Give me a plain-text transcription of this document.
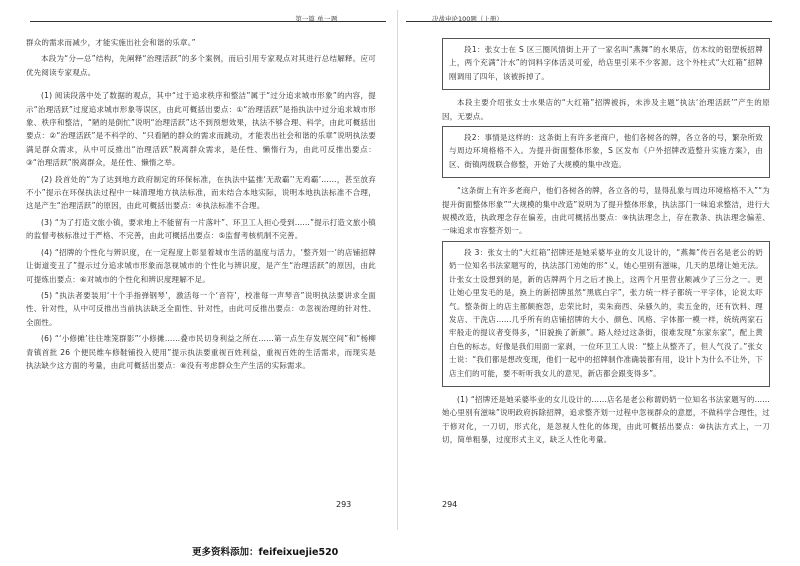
第一篇 单一题

群众的需求而减少，才能实施出社会和谐的乐章。”

本段为“分—总”结构，先阐释“治理活跃”的多个案例，而后引用专家观点对其进行总结解释。应可优先阅读专家观点。

(1) 阅读段落中处了数据的观点，其中“过于追求秩序和整洁”属于“过分追求城市形象”的内容，提示“治理活跃”过度追求城市形象等误区，由此可概括出要点：①“治理活跃”是指执法中过分追求城市形象、秩序和整洁，“陋的是倒忙”说明“治理活跃”达不到预想效果，执法不够合理、科学，由此可概括出要点：②“治理活跃”是不科学的、“只看陋的群众的需求而跳动，才能表出社会和谐的乐章”说明执法要满足群众需求，从中可反推出“治理活跃”脱离群众需求，是任性、懒惰行为，由此可反推出要点：③“治理活跃”脱离群众，是任性、懒惰之举。

(2) 段首处的“为了达到地方政府制定的环保标准，在执法中猛推‘无敌霸’‘无鸡霸’……，甚至放弃不小”提示在环保执法过程中一味清理地方执法标准，而未结合本地实际，说明本地执法标准不合理，这是产生“治理活跃”的原因，由此可概括出要点：④执法标准不合理。

(3) “为了打造文旅小镇，要求地上不能留有一片落叶”、环卫工人担心受到……”提示打造文旅小镇的监督考核标准过于严格、不完善，由此可概括出要点：⑤监督考核机制不完善。

(4) “招牌的个性化与辨识度，在一定程度上彰显着城市生活的温度与活力，‘整齐划一’的店铺招牌让街道变丑了”提示过分追求城市形象而忽视城市的个性化与辨识度，是产生“治理活跃”的原因，由此可提炼出要点：⑥对城市的个性化和辨识度理解不足。

(5) “执法者要装用‘十个手指弹钢琴’，激活每一个‘音符’，校准每一声琴音”说明执法要讲求全面性、针对性，从中可反推出当前执法缺乏全面性、针对性，由此可反推出要点：⑦忽视治理的针对性、全面性。

(6) “‘小修摊’往往堆笼群影”‘小修摊……叠市民切身利益之所在……第一点生存发展空间”和“杨柳青镇首批 26 个便民维车修鞋铺投入使用”提示执法要重视百姓利益，重视百姓的生活需求，而现实是执法缺少这方面的考量，由此可概括出要点：⑧没有考虑群众生产生活的实际需求。

293
决战申论100题（上册）

段1：张女士在 S 区三圈风情街上开了一家名叫“燕舞”的水果店，仿木纹的铝塑板招牌上，两个充满“汁水”的饲料字体活灵可爱，给店里引来不少客源。这个外柱式“大红箱”招牌刚调用了四年，该被拆掉了。

本段主要介绍张女士水果店的“大红箱”招牌被拆，未涉及主题“执法‘治理活跃’”产生的原因，无要点。

段2：事情是这样的：这条街上有许多老商户，他们各树各的牌，各立各的号，繁杂所致与周边环境格格不入。为提升街面整体形象，S 区发布《户外招牌改造整升实施方案》，由区、街镇两级联合修整，开始了大规模的集中改造。

“这条街上有许多老商户，他们各树各的牌，各立各的号，显得乱象与周边环境格格不入”“为提升街面整体形象”“大规模的集中改造”说明为了提升整体形象，执法部门一味追求整洁，进行大规模改造，执政理念存在偏差，由此可概括出要点：⑨执法理念上，存在教条、执法理念偏差、一味追求市容整齐划一。

段 3：张女士的“大红箱”招牌还是她采婆毕业的女儿设计的，“燕舞”传百名是老公的奶奶一位知名书法家题写的，执法部门劝她的形“乂，她心里别有滋味，几天的思绪让她无法。计张女士设想到的是，新的店牌两个月之后才换上，这两个月里营业额减少了三分之一。更让她心里发毛的是，换上的新招牌虽然“黑底白字”，张力统一样子都统一平字体，论说太吓气。整条街上的店主都颇抱怨，忠荣比时，卖朱商西、朵骚久的，卖五金的，还有饮料、理发店、干洗店……几乎所有的店铺招牌的大小、颜色、风格、字体都一模一样，统统两家石牢般走的提议者变得多，“旧貌换了新颜”。路人经过这条街，很难发现“东家东家”，配上黄白色的标志，好像是我们用面一家剥，一位环卫工人说：“整上从整齐了，但人气没了。”张女士说：“我们都是想改变现，他们一起中的招牌制作准确装都有用，设计卜为什么不让外，下店主们的可能，要不听听我女儿的意见，新店都会跟变得多”。

(1) “招牌还是她采婆毕业的女儿设计的……店名是老公称谓奶奶一位知名书法家题写的……她心里别有滋味”说明政府拆除招牌，追求整齐划一过程中忽视群众的意愿，不做科学合理性，过于修对化，一刀切，形式化，是忽视人性化的体现，由此可概括出要点：⑩执法方式上，一刀切，简单粗暴，过度形式主义，缺乏人性化考量。

294
更多资料添加：feifeixuejie520
